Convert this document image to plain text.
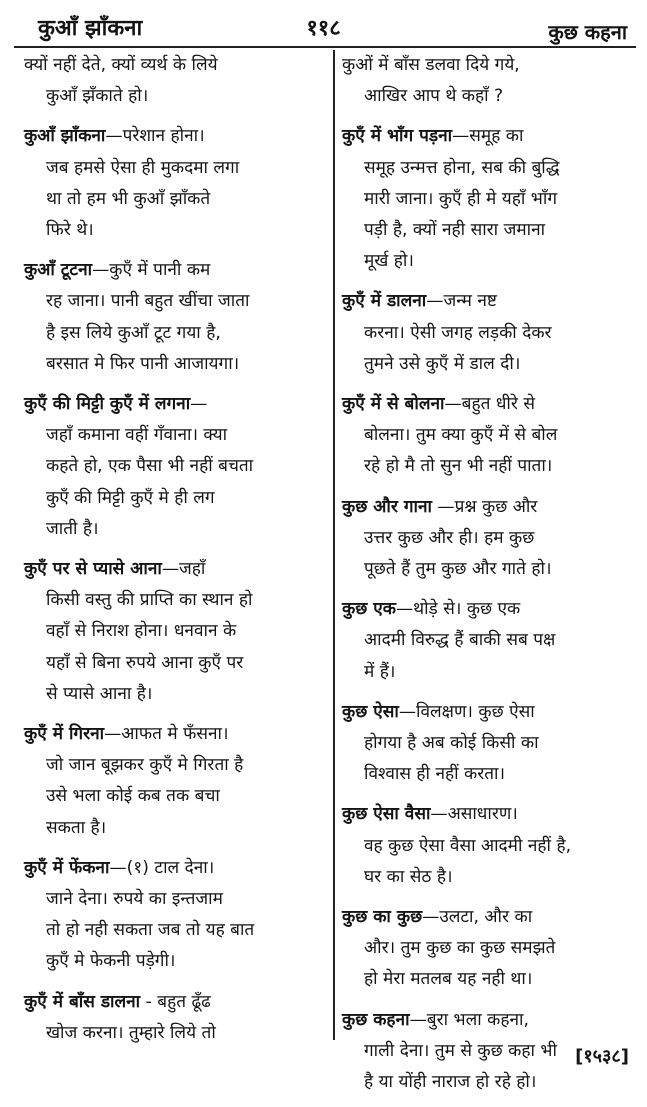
कुआँ झाँकना	११८	कुछ कहना

क्यों नहीं देते, क्यों व्यर्थ के लिये

कुआँ झँकाते हो।

कुआँ झाँकना—परेशान होना।

जब हमसे ऐसा ही मुकदमा लगा

था तो हम भी कुआँ झाँकते

फिरे थे।

कुआँ टूटना—कुएँ में पानी कम

रह जाना। पानी बहुत खींचा जाता

है इस लिये कुआँ टूट गया है,

बरसात मे फिर पानी आजायगा।

कुएँ की मिट्टी कुएँ में लगना—

जहाँ कमाना वहीं गँवाना। क्या

कहते हो, एक पैसा भी नहीं बचता

कुएँ की मिट्टी कुएँ मे ही लग

जाती है।

कुएँ पर से प्यासे आना—जहाँ

किसी वस्तु की प्राप्ति का स्थान हो

वहाँ से निराश होना। धनवान के

यहाँ से बिना रुपये आना कुएँ पर

से प्यासे आना है।

कुएँ में गिरना—आफत मे फँसना।

जो जान बूझकर कुएँ मे गिरता है

उसे भला कोई कब तक बचा

सकता है।

कुएँ में फेंकना—(१) टाल देना।

जाने देना। रुपये का इन्तजाम

तो हो नही सकता जब तो यह बात

कुएँ मे फेकनी पड़ेगी।

कुएँ में बाँस डालना - बहुत ढूँढ

खोज करना। तुम्हारे लिये तो

कुओं में बाँस डलवा दिये गये,

आखिर आप थे कहाँ ?

कुएँ में भाँग पड़ना—समूह का

समूह उन्मत्त होना, सब की बुद्धि

मारी जाना। कुएँ ही मे यहाँ भाँग

पड़ी है, क्यों नही सारा जमाना

मूर्ख हो।

कुएँ में डालना—जन्म नष्ट

करना। ऐसी जगह लड़की देकर

तुमने उसे कुएँ में डाल दी।

कुएँ में से बोलना—बहुत धीरे से

बोलना। तुम क्या कुएँ में से बोल

रहे हो मै तो सुन भी नहीं पाता।

कुछ और गाना —प्रश्न कुछ और

उत्तर कुछ और ही। हम कुछ

पूछते हैं तुम कुछ और गाते हो।

कुछ एक—थोड़े से। कुछ एक

आदमी विरुद्ध हैं बाकी सब पक्ष

में हैं।

कुछ ऐसा—विलक्षण। कुछ ऐसा

होगया है अब कोई किसी का

विश्वास ही नहीं करता।

कुछ ऐसा वैसा—असाधारण।

वह कुछ ऐसा वैसा आदमी नहीं है,

घर का सेठ है।

कुछ का कुछ—उलटा, और का

और। तुम कुछ का कुछ समझते

हो मेरा मतलब यह नही था।

कुछ कहना—बुरा भला कहना,

गाली देना। तुम से कुछ कहा भी

है या योंही नाराज हो रहे हो।

[१५३८]
